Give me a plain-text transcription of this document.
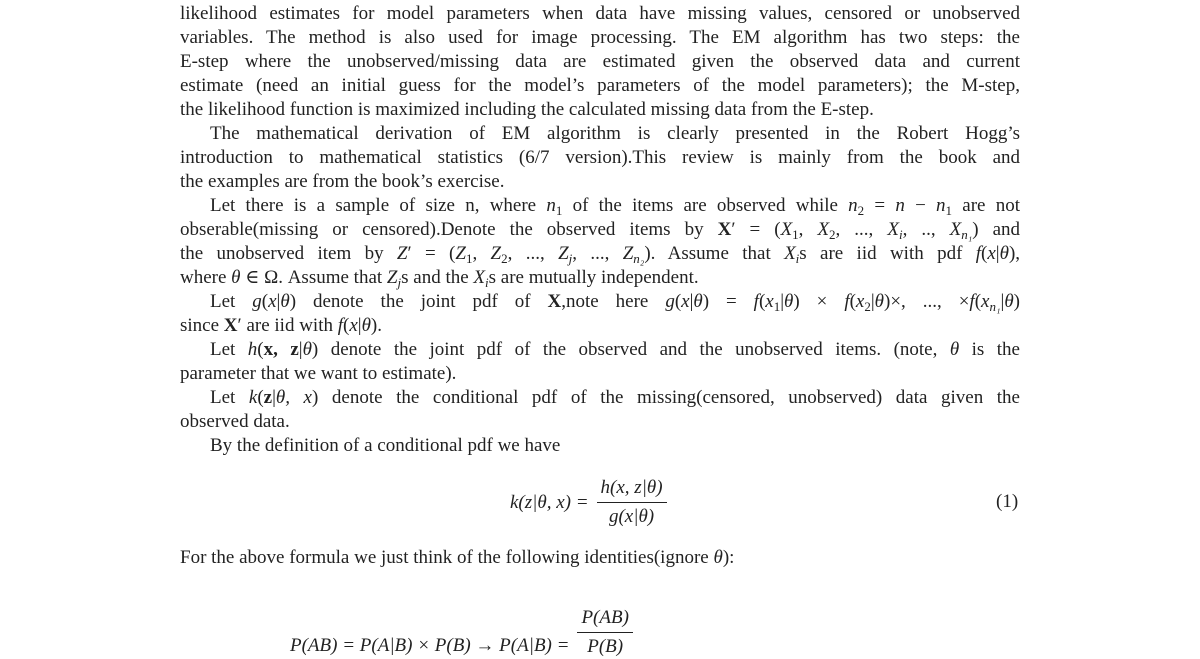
likelihood estimates for model parameters when data have missing values, censored or unobserved
variables. The method is also used for image processing. The EM algorithm has two steps: the
E-step where the unobserved/missing data are estimated given the observed data and current
estimate (need an initial guess for the model’s parameters of the model parameters); the M-step,
the likelihood function is maximized including the calculated missing data from the E-step.
The mathematical derivation of EM algorithm is clearly presented in the Robert Hogg’s
introduction to mathematical statistics (6/7 version).This review is mainly from the book and
the examples are from the book’s exercise.
Let there is a sample of size n, where $n_1$ of the items are observed while $n_2 = n - n_1$ are not
obserable(missing or censored).Denote the observed items by $X' = (X_1$, $X_2$, ..., $X_i$, .., $X_{n_1}$) and
the unobserved item by $Z' = (Z_1$, $Z_2$, ..., $Z_j$, ..., $Z_{n_2}$). Assume that $X_is$ are iid with pdf f(x|θ),
where θ ∈ Ω. Assume that $Z_js$ and the $X_is$ are mutually independent.
Let g(x|θ) denote the joint pdf of X,note here $g(x|\theta) = f(x_1|\theta) \times f(x_2|\theta)\times$, ..., $\times f(x_{n_1}|\theta)$
since X′ are iid with f(x|θ).
Let h(x, z|θ) denote the joint pdf of the observed and the unobserved items. (note, θ is the
parameter that we want to estimate).
Let k(z|θ, x) denote the conditional pdf of the missing(censored, unobserved) data given the
observed data.
By the definition of a conditional pdf we have
k(z|θ, $x) = \frac{h(x, z|\theta)}{g(x|\theta)}$	(1)
For the above formula we just think of the following identities(ignore θ):
$P(AB) = P(A|B) \times P(B) \to P(A|B) = \frac{P(AB)}{P(B)}$
